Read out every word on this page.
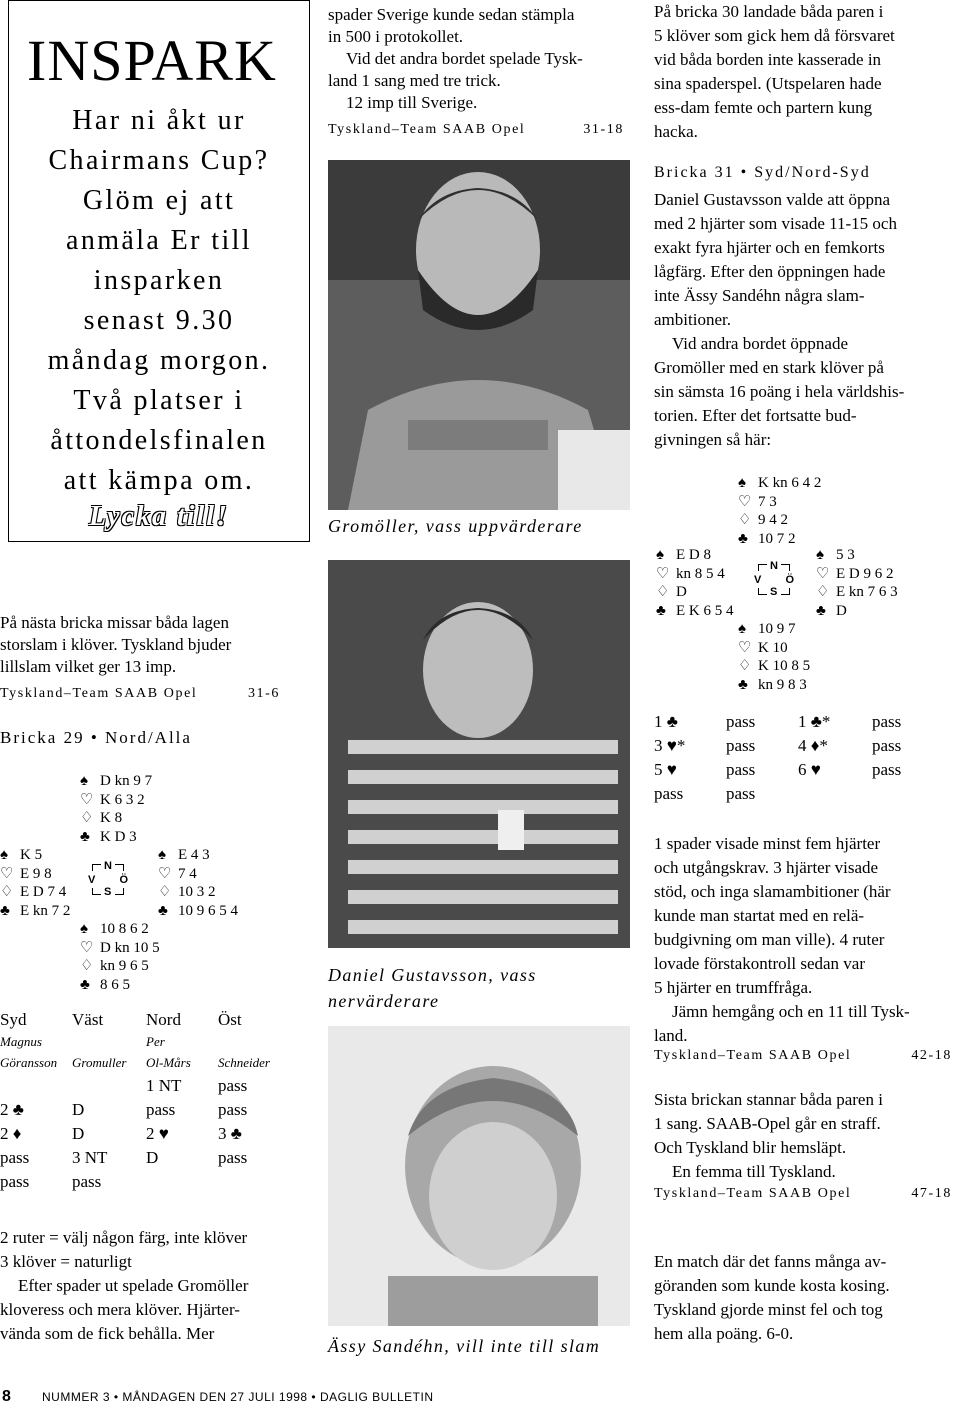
INSPARK
Har ni åkt ur
Chairmans Cup?
Glöm ej att
anmäla Er till
insparken
senast 9.30
måndag morgon.
Två platser i
åttondelsfinalen
att kämpa om.
Lycka till!
På nästa bricka missar båda lagen
storslam i klöver. Tyskland bjuder
lillslam vilket ger 13 imp.
Tyskland–Team SAAB Opel	31-6
Bricka 29 • Nord/Alla
♠ D kn 9 7
♡ K 6 3 2
♢ K 8
♣ K D 3
♠ K 5
♡ E 9 8
♢ E D 7 4
♣ E kn 7 2
N
V Ö
S
♠ E 4 3
♡ 7 4
♢ 10 3 2
♣ 10 9 6 5 4
♠ 10 8 6 2
♡ D kn 10 5
♢ kn 9 6 5
♣ 8 6 5
Syd	Väst	Nord	Öst
Magnus		Per	
Göransson	Gromuller	Ol-Mårs	Schneider
		1 NT	pass
2 ♣	D	pass	pass
2 ♦	D	2 ♥	3 ♣
pass	3 NT	D	pass
pass	pass		
2 ruter = välj någon färg, inte klöver
3 klöver = naturligt
Efter spader ut spelade Gromöller
kloveress och mera klöver. Hjärter-
vända som de fick behålla. Mer
spader Sverige kunde sedan stämpla
in 500 i protokollet.
Vid det andra bordet spelade Tysk-
land 1 sang med tre trick.
12 imp till Sverige.
Tyskland–Team SAAB Opel	31-18
Gromöller, vass uppvärderare
Daniel Gustavsson, vass nervärderare
Ässy Sandéhn, vill inte till slam
På bricka 30 landade båda paren i
5 klöver som gick hem då försvaret
vid båda borden inte kasserade in
sina spaderspel. (Utspelaren hade
ess-dam femte och partern kung
hacka.
Bricka 31 • Syd/Nord-Syd
Daniel Gustavsson valde att öppna
med 2 hjärter som visade 11-15 och
exakt fyra hjärter och en femkorts
lågfärg. Efter den öppningen hade
inte Ässy Sandéhn några slam-
ambitioner.
Vid andra bordet öppnade
Gromöller med en stark klöver på
sin sämsta 16 poäng i hela världshis-
torien. Efter det fortsatte bud-
givningen så här:
♠ K kn 6 4 2
♡ 7 3
♢ 9 4 2
♣ 10 7 2
♠ E D 8
♡ kn 8 5 4
♢ D
♣ E K 6 5 4
N
V Ö
S
♠ 5 3
♡ E D 9 6 2
♢ E kn 7 6 3
♣ D
♠ 10 9 7
♡ K 10
♢ K 10 8 5
♣ kn 9 8 3
1 ♣	pass	1 ♣*	pass
3 ♥*	pass	4 ♦*	pass
5 ♥	pass	6 ♥	pass
pass	pass		
1 spader visade minst fem hjärter
och utgångskrav. 3 hjärter visade
stöd, och inga slamambitioner (här
kunde man startat med en relä-
budgivning om man ville). 4 ruter
lovade förstakontroll sedan var
5 hjärter en trumffråga.
Jämn hemgång och en 11 till Tysk-
land.
Tyskland–Team SAAB Opel	42-18
Sista brickan stannar båda paren i
1 sang. SAAB-Opel går en straff.
Och Tyskland blir hemsläpt.
En femma till Tyskland.
Tyskland–Team SAAB Opel	47-18
En match där det fanns många av-
göranden som kunde kosta kosing.
Tyskland gjorde minst fel och tog
hem alla poäng. 6-0.
8	NUMMER 3 • MÅNDAGEN DEN 27 JULI 1998 • DAGLIG BULLETIN
